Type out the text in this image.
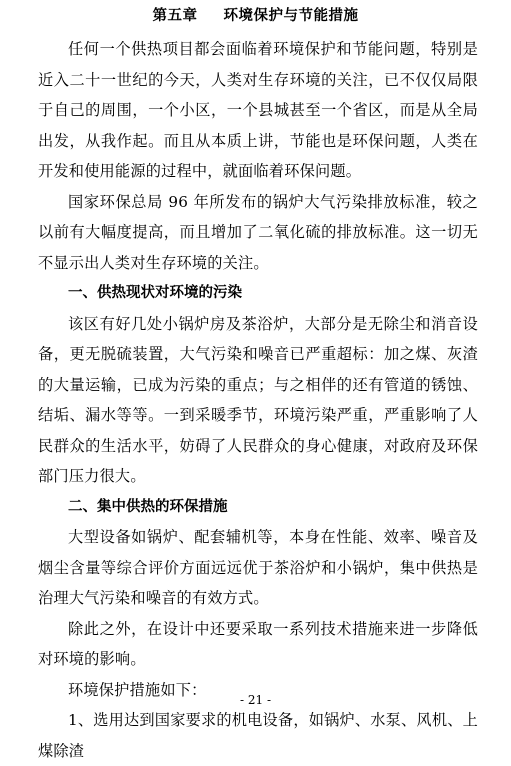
第五章 环境保护与节能措施

任何一个供热项目都会面临着环境保护和节能问题，特别是近入二十一世纪的今天，人类对生存环境的关注，已不仅仅局限于自己的周围，一个小区，一个县城甚至一个省区，而是从全局出发，从我作起。而且从本质上讲，节能也是环保问题，人类在开发和使用能源的过程中，就面临着环保问题。

国家环保总局 96 年所发布的锅炉大气污染排放标准，较之以前有大幅度提高，而且增加了二氧化硫的排放标准。这一切无不显示出人类对生存环境的关注。

一、供热现状对环境的污染

该区有好几处小锅炉房及茶浴炉，大部分是无除尘和消音设备，更无脱硫装置，大气污染和噪音已严重超标：加之煤、灰渣的大量运输，已成为污染的重点；与之相伴的还有管道的锈蚀、结垢、漏水等等。一到采暖季节，环境污染严重，严重影响了人民群众的生活水平，妨碍了人民群众的身心健康，对政府及环保部门压力很大。

二、集中供热的环保措施

大型设备如锅炉、配套辅机等，本身在性能、效率、噪音及烟尘含量等综合评价方面远远优于茶浴炉和小锅炉，集中供热是治理大气污染和噪音的有效方式。

除此之外，在设计中还要采取一系列技术措施来进一步降低对环境的影响。

环境保护措施如下：

1、选用达到国家要求的机电设备，如锅炉、水泵、风机、上煤除渣

- 21 -
